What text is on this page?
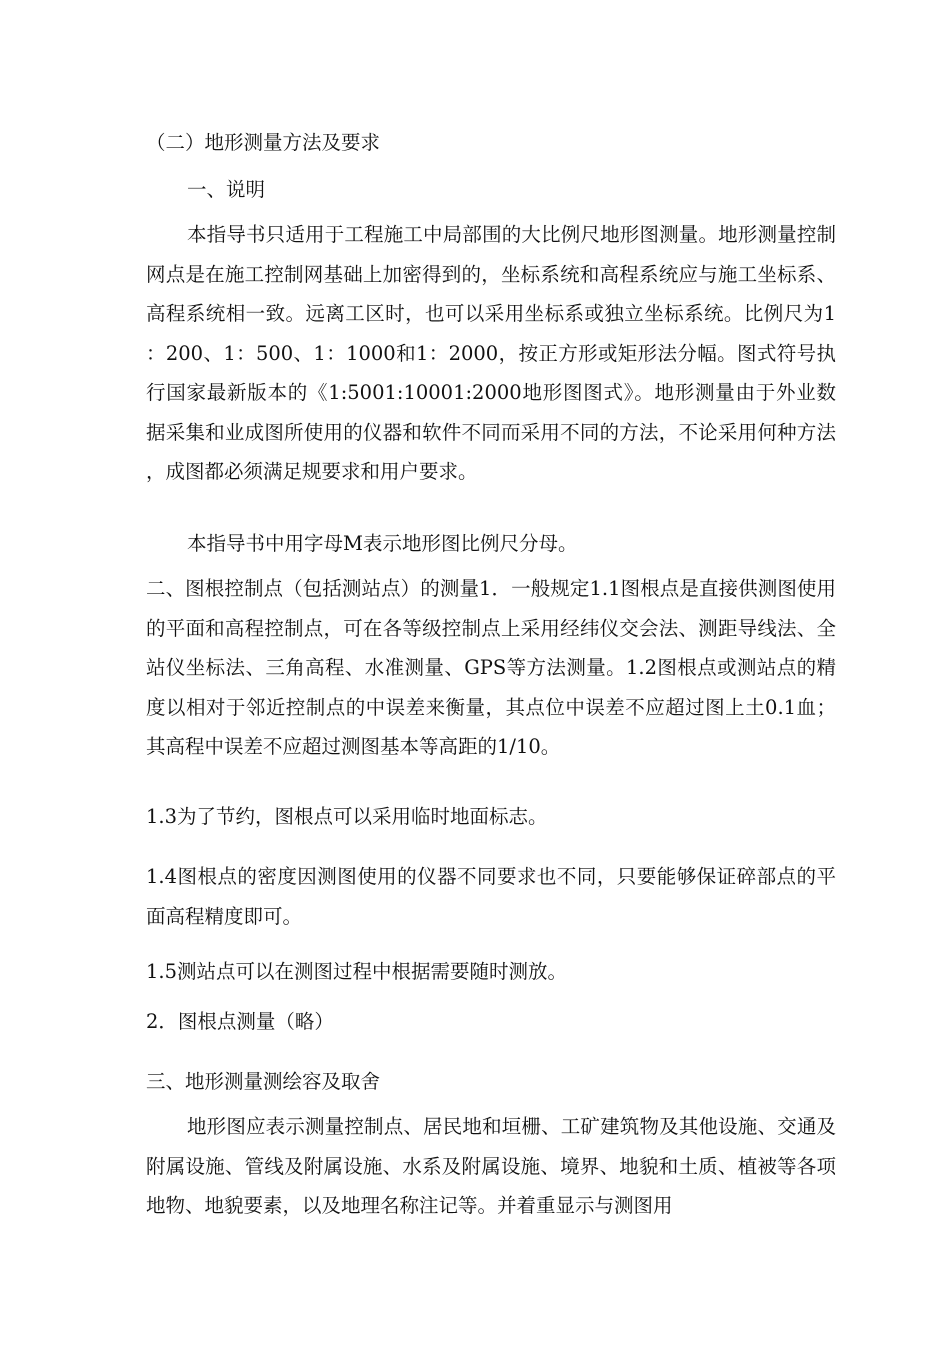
（二）地形测量方法及要求

一、说明

本指导书只适用于工程施工中局部围的大比例尺地形图测量。地形测量控制网点是在施工控制网基础上加密得到的，坐标系统和高程系统应与施工坐标系、高程系统相一致。远离工区时，也可以采用坐标系或独立坐标系统。比例尺为1：200、1：500、1：1000和1：2000，按正方形或矩形法分幅。图式符号执行国家最新版本的《1:5001:10001:2000地形图图式》。地形测量由于外业数据采集和业成图所使用的仪器和软件不同而采用不同的方法，不论采用何种方法，成图都必须满足规要求和用户要求。

本指导书中用字母M表示地形图比例尺分母。

二、图根控制点（包括测站点）的测量1．一般规定1.1图根点是直接供测图使用的平面和高程控制点，可在各等级控制点上采用经纬仪交会法、测距导线法、全站仪坐标法、三角高程、水准测量、GPS等方法测量。1.2图根点或测站点的精度以相对于邻近控制点的中误差来衡量，其点位中误差不应超过图上土0.1血；其高程中误差不应超过测图基本等高距的1/10。

1.3为了节约，图根点可以采用临时地面标志。

1.4图根点的密度因测图使用的仪器不同要求也不同，只要能够保证碎部点的平面高程精度即可。

1.5测站点可以在测图过程中根据需要随时测放。

2．图根点测量（略）

三、地形测量测绘容及取舍

地形图应表示测量控制点、居民地和垣栅、工矿建筑物及其他设施、交通及附属设施、管线及附属设施、水系及附属设施、境界、地貌和土质、植被等各项地物、地貌要素，以及地理名称注记等。并着重显示与测图用
